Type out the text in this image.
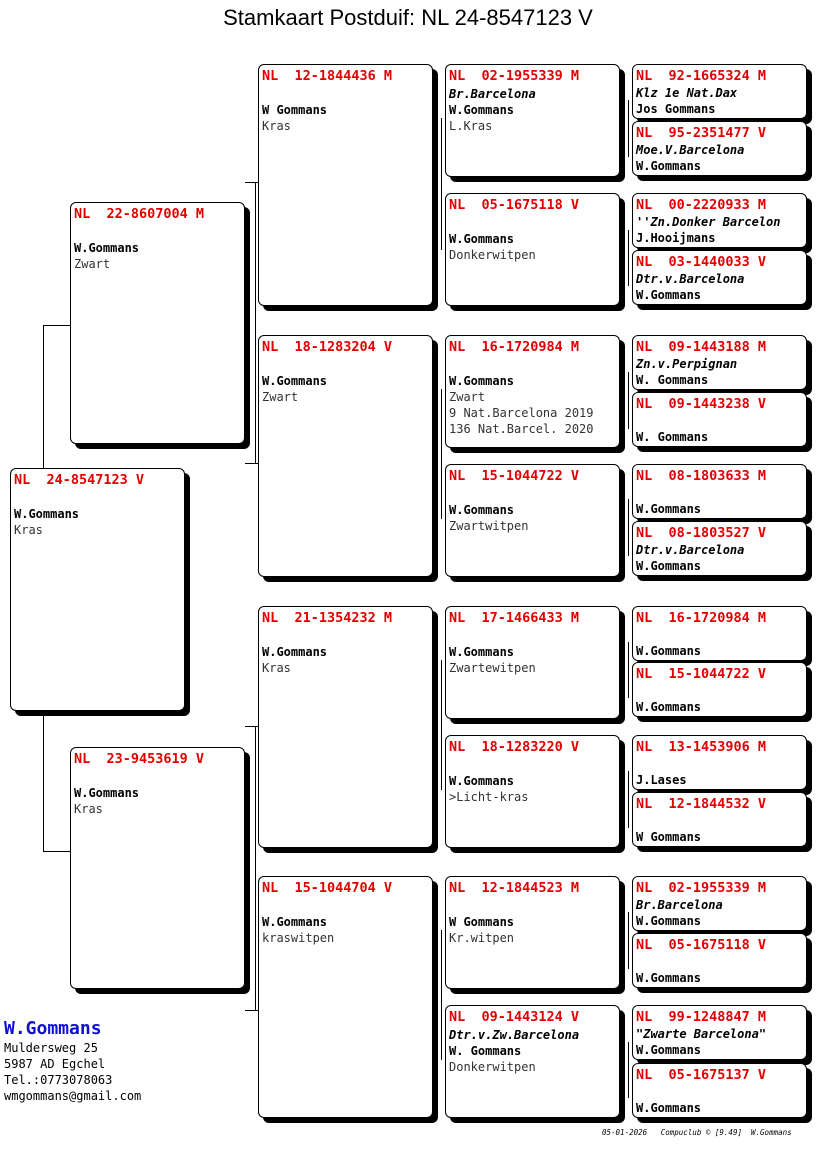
Stamkaart Postduif: NL 24-8547123 V
NL  24-8547123 V
W.Gommans
Kras
NL  22-8607004 M
W.Gommans
Zwart
NL  23-9453619 V
W.Gommans
Kras
NL  12-1844436 M
W Gommans
Kras
NL  18-1283204 V
W.Gommans
Zwart
NL  21-1354232 M
W.Gommans
Kras
NL  15-1044704 V
W.Gommans
kraswitpen
NL  02-1955339 M
Br.Barcelona
W.Gommans
L.Kras
NL  05-1675118 V
W.Gommans
Donkerwitpen
NL  16-1720984 M
W.Gommans
Zwart
9 Nat.Barcelona 2019
136 Nat.Barcel. 2020
NL  15-1044722 V
W.Gommans
Zwartwitpen
NL  17-1466433 M
W.Gommans
Zwartewitpen
NL  18-1283220 V
W.Gommans
>Licht-kras
NL  12-1844523 M
W Gommans
Kr.witpen
NL  09-1443124 V
Dtr.v.Zw.Barcelona
W. Gommans
Donkerwitpen
NL  92-1665324 M
Klz 1e Nat.Dax
Jos Gommans
NL  95-2351477 V
Moe.V.Barcelona
W.Gommans
NL  00-2220933 M
''Zn.Donker Barcelon
J.Hooijmans
NL  03-1440033 V
Dtr.v.Barcelona
W.Gommans
NL  09-1443188 M
Zn.v.Perpignan
W. Gommans
NL  09-1443238 V
W. Gommans
NL  08-1803633 M
W.Gommans
NL  08-1803527 V
Dtr.v.Barcelona
W.Gommans
NL  16-1720984 M
W.Gommans
NL  15-1044722 V
W.Gommans
NL  13-1453906 M
J.Lases
NL  12-1844532 V
W Gommans
NL  02-1955339 M
Br.Barcelona
W.Gommans
NL  05-1675118 V
W.Gommans
NL  99-1248847 M
"Zwarte Barcelona"
W.Gommans
NL  05-1675137 V
W.Gommans
W.Gommans
Muldersweg 25
5987 AD Egchel
Tel.:0773078063
wmgommans@gmail.com
05-01-2026   Compuclub © [9.49]  W.Gommans
